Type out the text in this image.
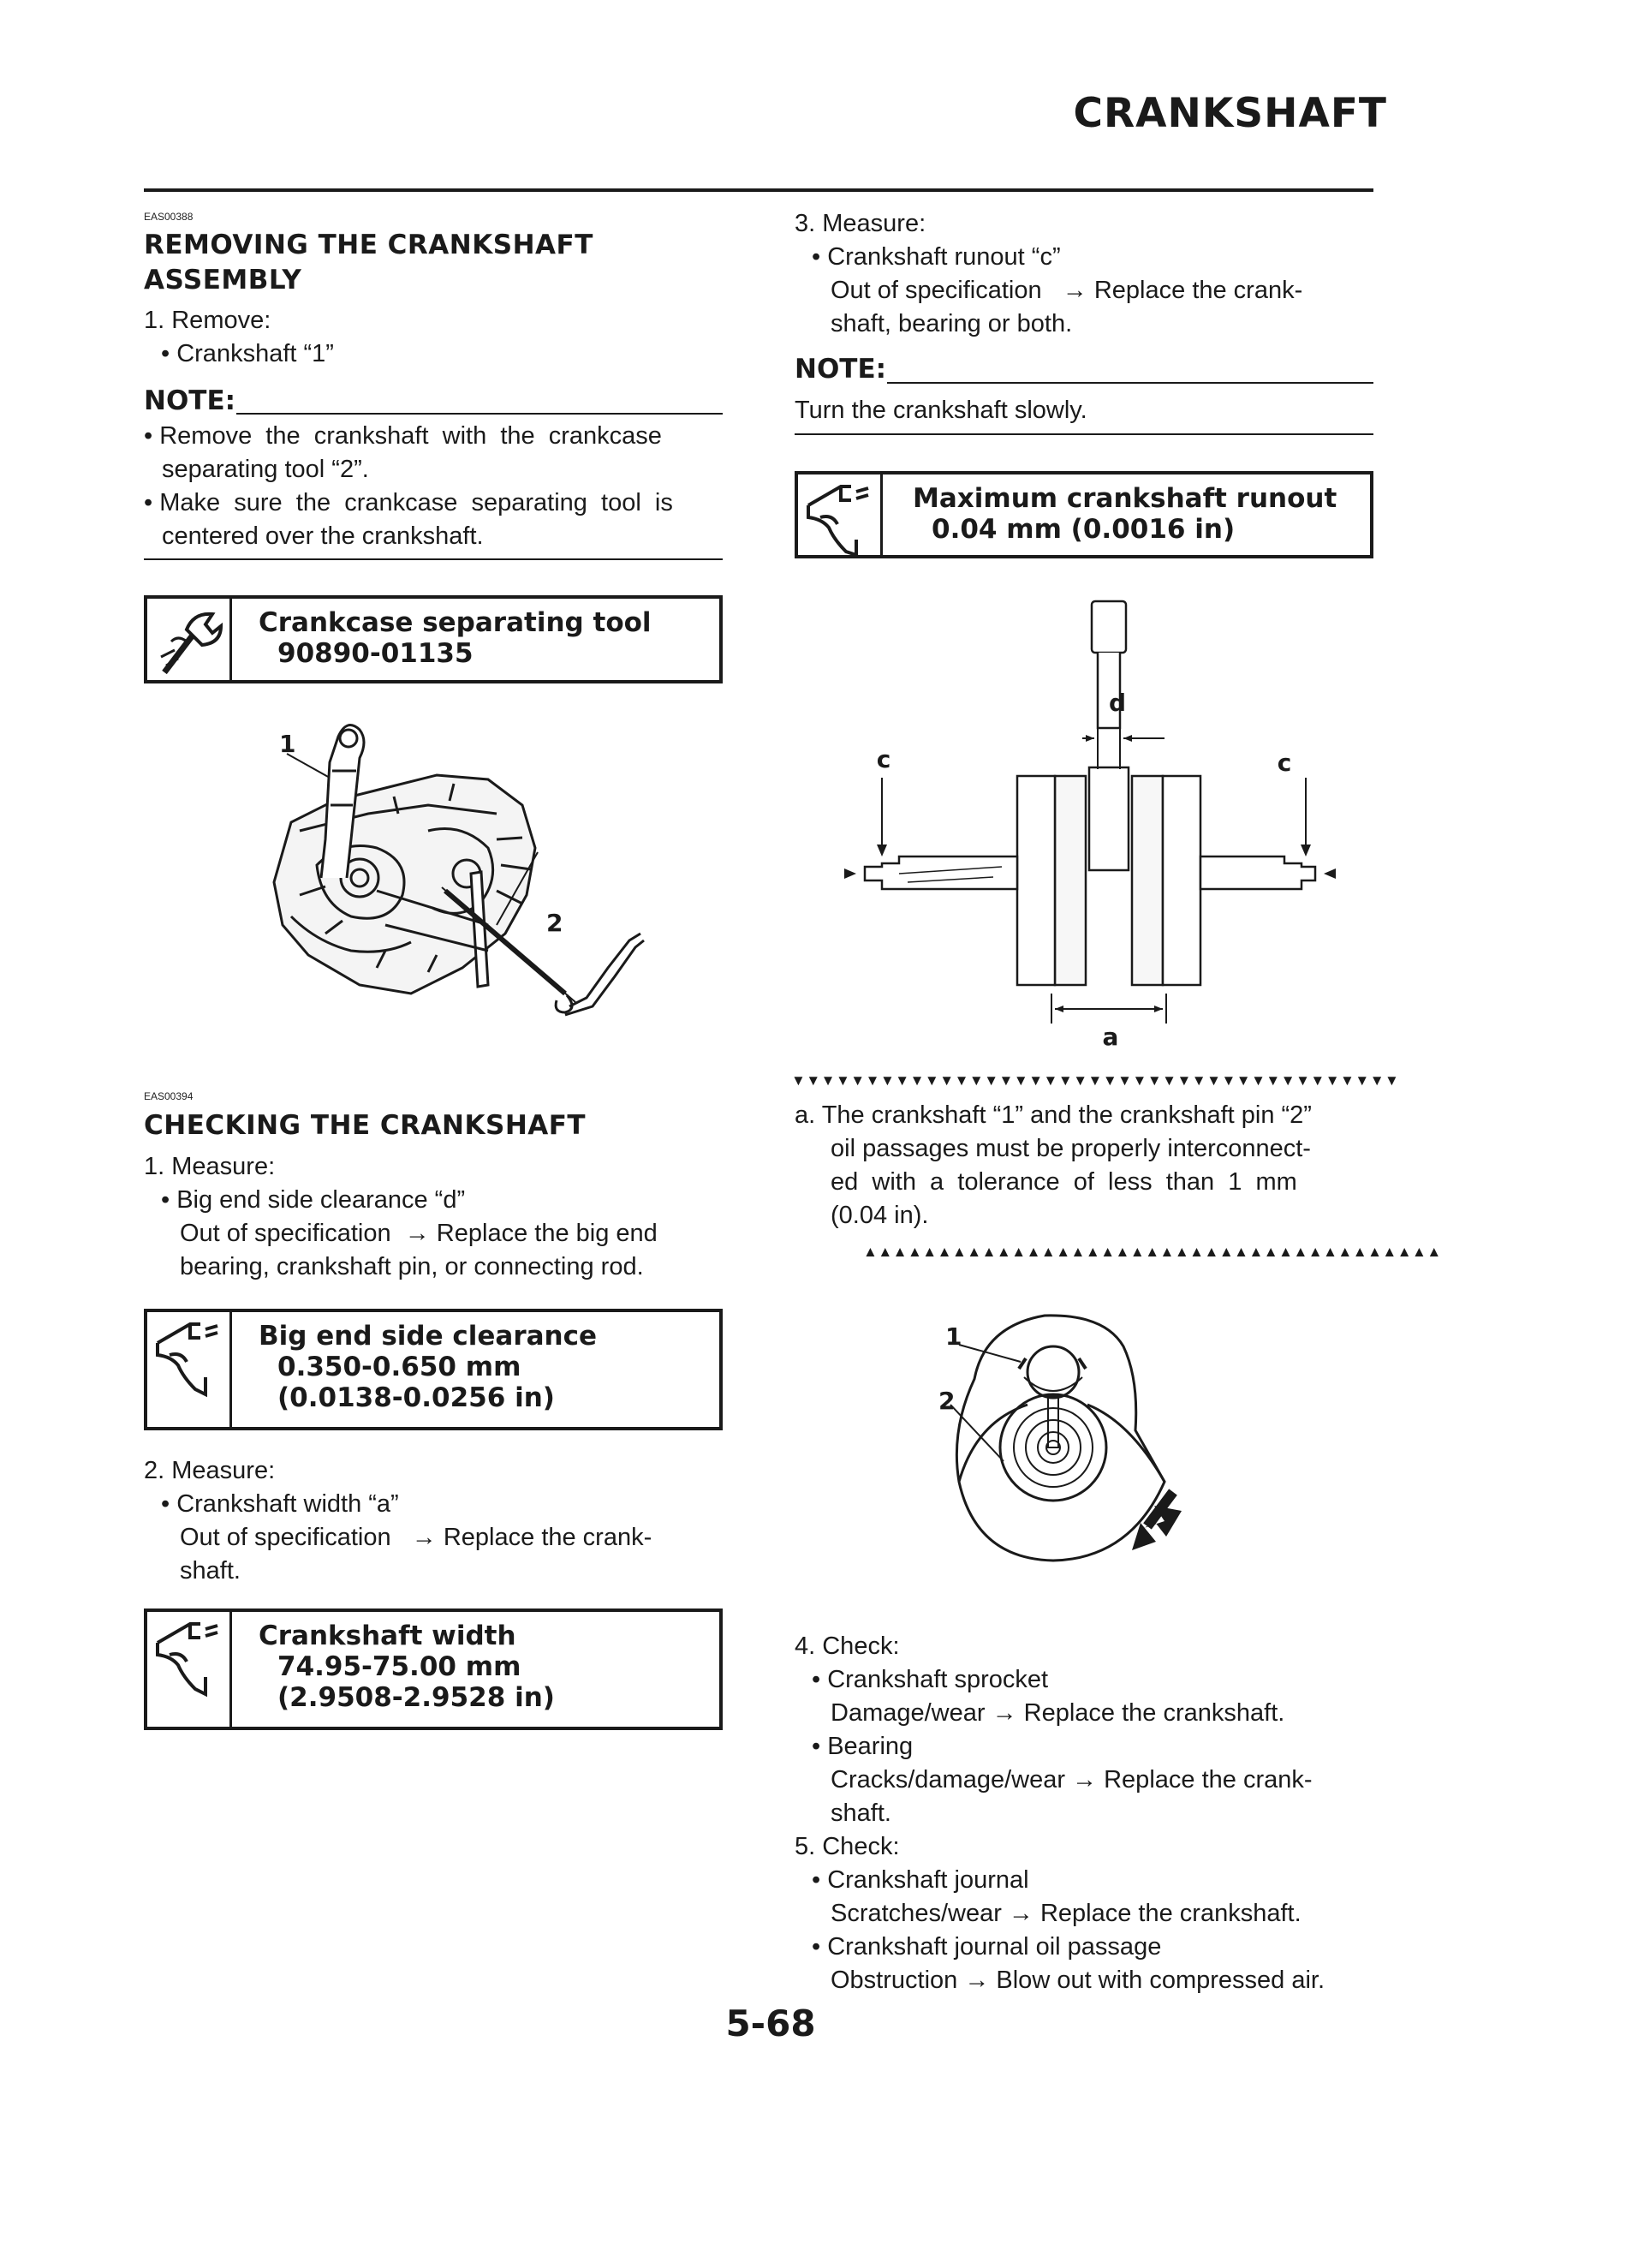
CRANKSHAFT
EAS00388
REMOVING THE CRANKSHAFT
ASSEMBLY
1. Remove:
• Crankshaft “1”
NOTE:
• Remove  the  crankshaft  with  the  crankcase
separating tool “2”.
• Make  sure  the  crankcase  separating  tool  is
centered over the crankshaft.
Crankcase separating tool
90890-01135
1
2
EAS00394
CHECKING THE CRANKSHAFT
1. Measure:
• Big end side clearance “d”
Out of specification  → Replace the big end
bearing, crankshaft pin, or connecting rod.
Big end side clearance
0.350-0.650 mm
(0.0138-0.0256 in)
2. Measure:
• Crankshaft width “a”
Out of specification   → Replace the crank-
shaft.
Crankshaft width
74.95-75.00 mm
(2.9508-2.9528 in)
3. Measure:
• Crankshaft runout “c”
Out of specification   → Replace the crank-
shaft, bearing or both.
NOTE:
Turn the crankshaft slowly.
Maximum crankshaft runout
0.04 mm (0.0016 in)
d
c	c
a
▼▼▼▼▼▼▼▼▼▼▼▼▼▼▼▼▼▼▼▼▼▼▼▼▼▼▼▼▼▼▼▼▼▼▼▼▼▼▼▼▼
a. The crankshaft “1” and the crankshaft pin “2”
oil passages must be properly interconnect-
ed  with  a  tolerance  of  less  than  1  mm
(0.04 in).
▲▲▲▲▲▲▲▲▲▲▲▲▲▲▲▲▲▲▲▲▲▲▲▲▲▲▲▲▲▲▲▲▲▲▲▲▲▲▲
1
2
4. Check:
• Crankshaft sprocket
Damage/wear → Replace the crankshaft.
• Bearing
Cracks/damage/wear → Replace the crank-
shaft.
5. Check:
• Crankshaft journal
Scratches/wear → Replace the crankshaft.
• Crankshaft journal oil passage
Obstruction → Blow out with compressed air.
5-68
